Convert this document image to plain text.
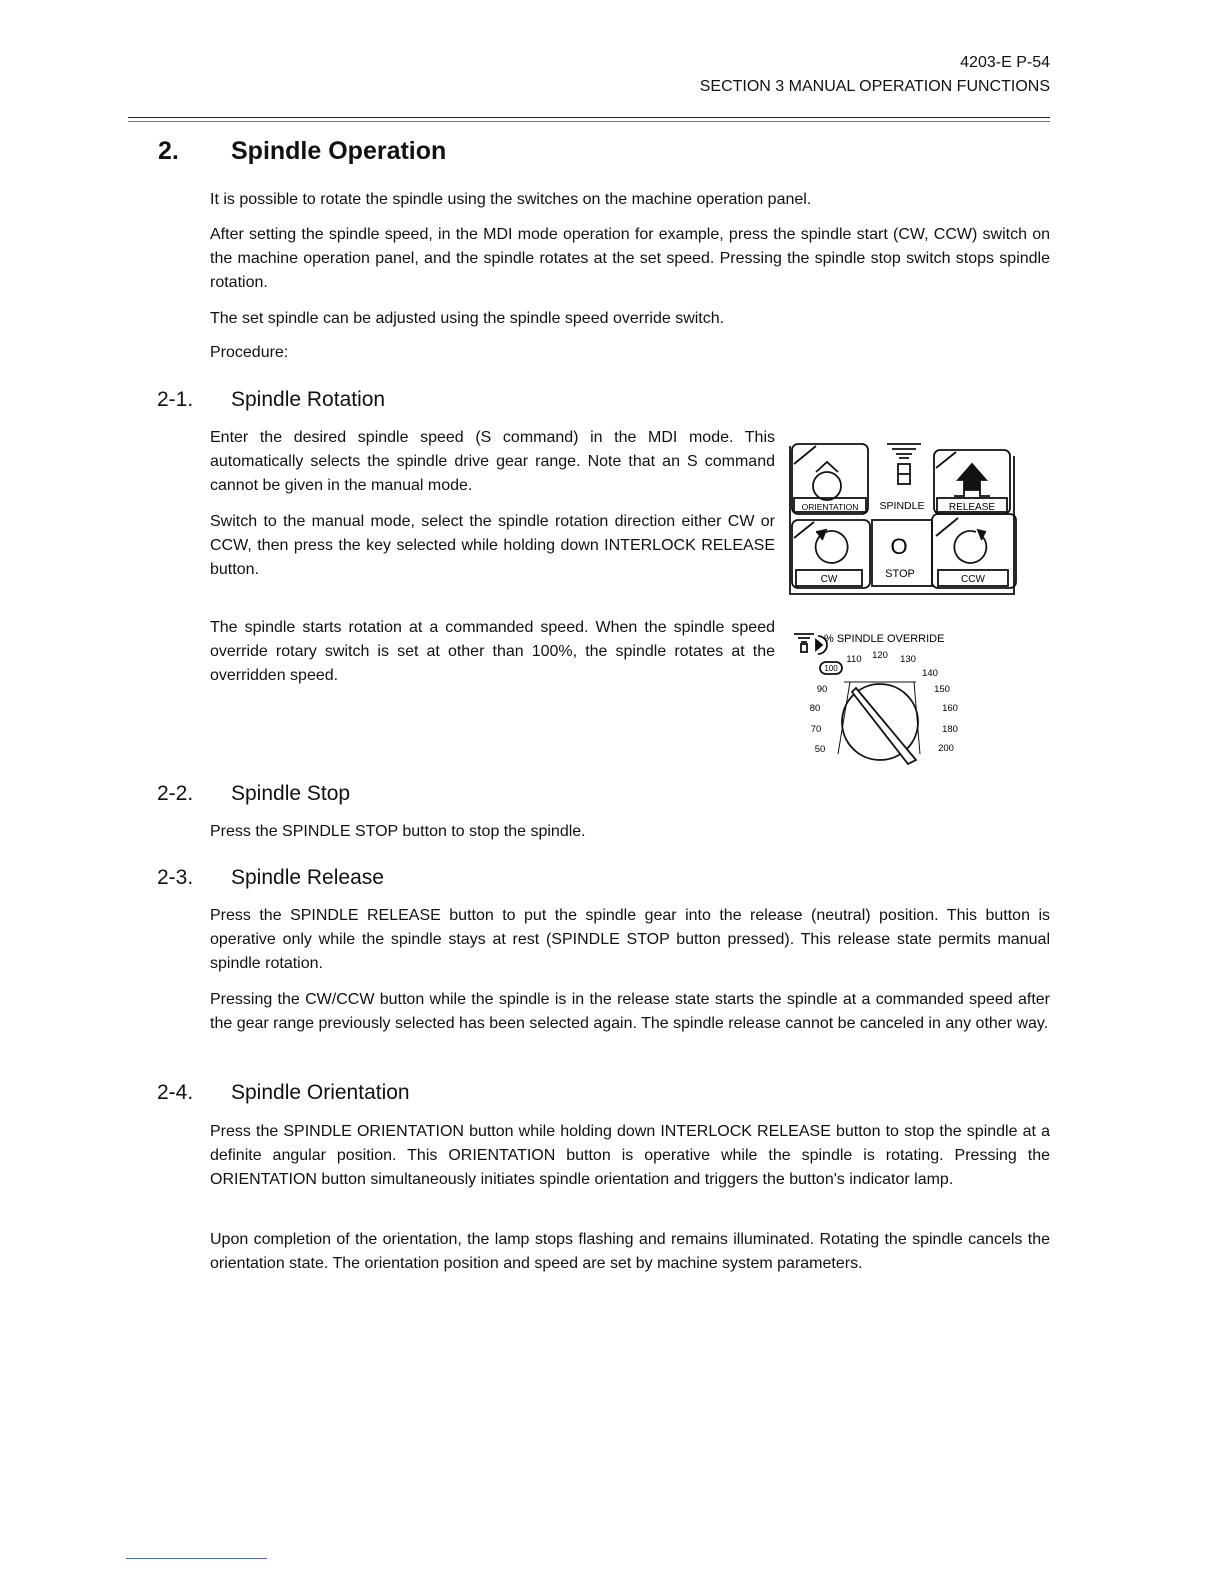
4203-E P-54
SECTION 3 MANUAL OPERATION FUNCTIONS
2. Spindle Operation

It is possible to rotate the spindle using the switches on the machine operation panel.

After setting the spindle speed, in the MDI mode operation for example, press the spindle start (CW, CCW) switch on the machine operation panel, and the spindle rotates at the set speed. Pressing the spindle stop switch stops spindle rotation.

The set spindle can be adjusted using the spindle speed override switch.

Procedure:

2-1. Spindle Rotation

Enter the desired spindle speed (S command) in the MDI mode. This automatically selects the spindle drive gear range. Note that an S command cannot be given in the manual mode.

Switch to the manual mode, select the spindle rotation direction either CW or CCW, then press the key selected while holding down INTERLOCK RELEASE button.

The spindle starts rotation at a commanded speed. When the spindle speed override rotary switch is set at other than 100%, the spindle rotates at the overridden speed.

ORIENTATION SPINDLE RELEASE
CW
O
STOP	CCW
% SPINDLE OVERRIDE
50
70
80
90
100
110 120 130
140
150
160
180
200
2-2. Spindle Stop

Press the SPINDLE STOP button to stop the spindle.

2-3. Spindle Release

Press the SPINDLE RELEASE button to put the spindle gear into the release (neutral) position. This button is operative only while the spindle stays at rest (SPINDLE STOP button pressed). This release state permits manual spindle rotation.

Pressing the CW/CCW button while the spindle is in the release state starts the spindle at a commanded speed after the gear range previously selected has been selected again. The spindle release cannot be canceled in any other way.

2-4. Spindle Orientation

Press the SPINDLE ORIENTATION button while holding down INTERLOCK RELEASE button to stop the spindle at a definite angular position. This ORIENTATION button is operative while the spindle is rotating. Pressing the ORIENTATION button simultaneously initiates spindle orientation and triggers the button's indicator lamp.

Upon completion of the orientation, the lamp stops flashing and remains illuminated. Rotating the spindle cancels the orientation state. The orientation position and speed are set by machine system parameters.
